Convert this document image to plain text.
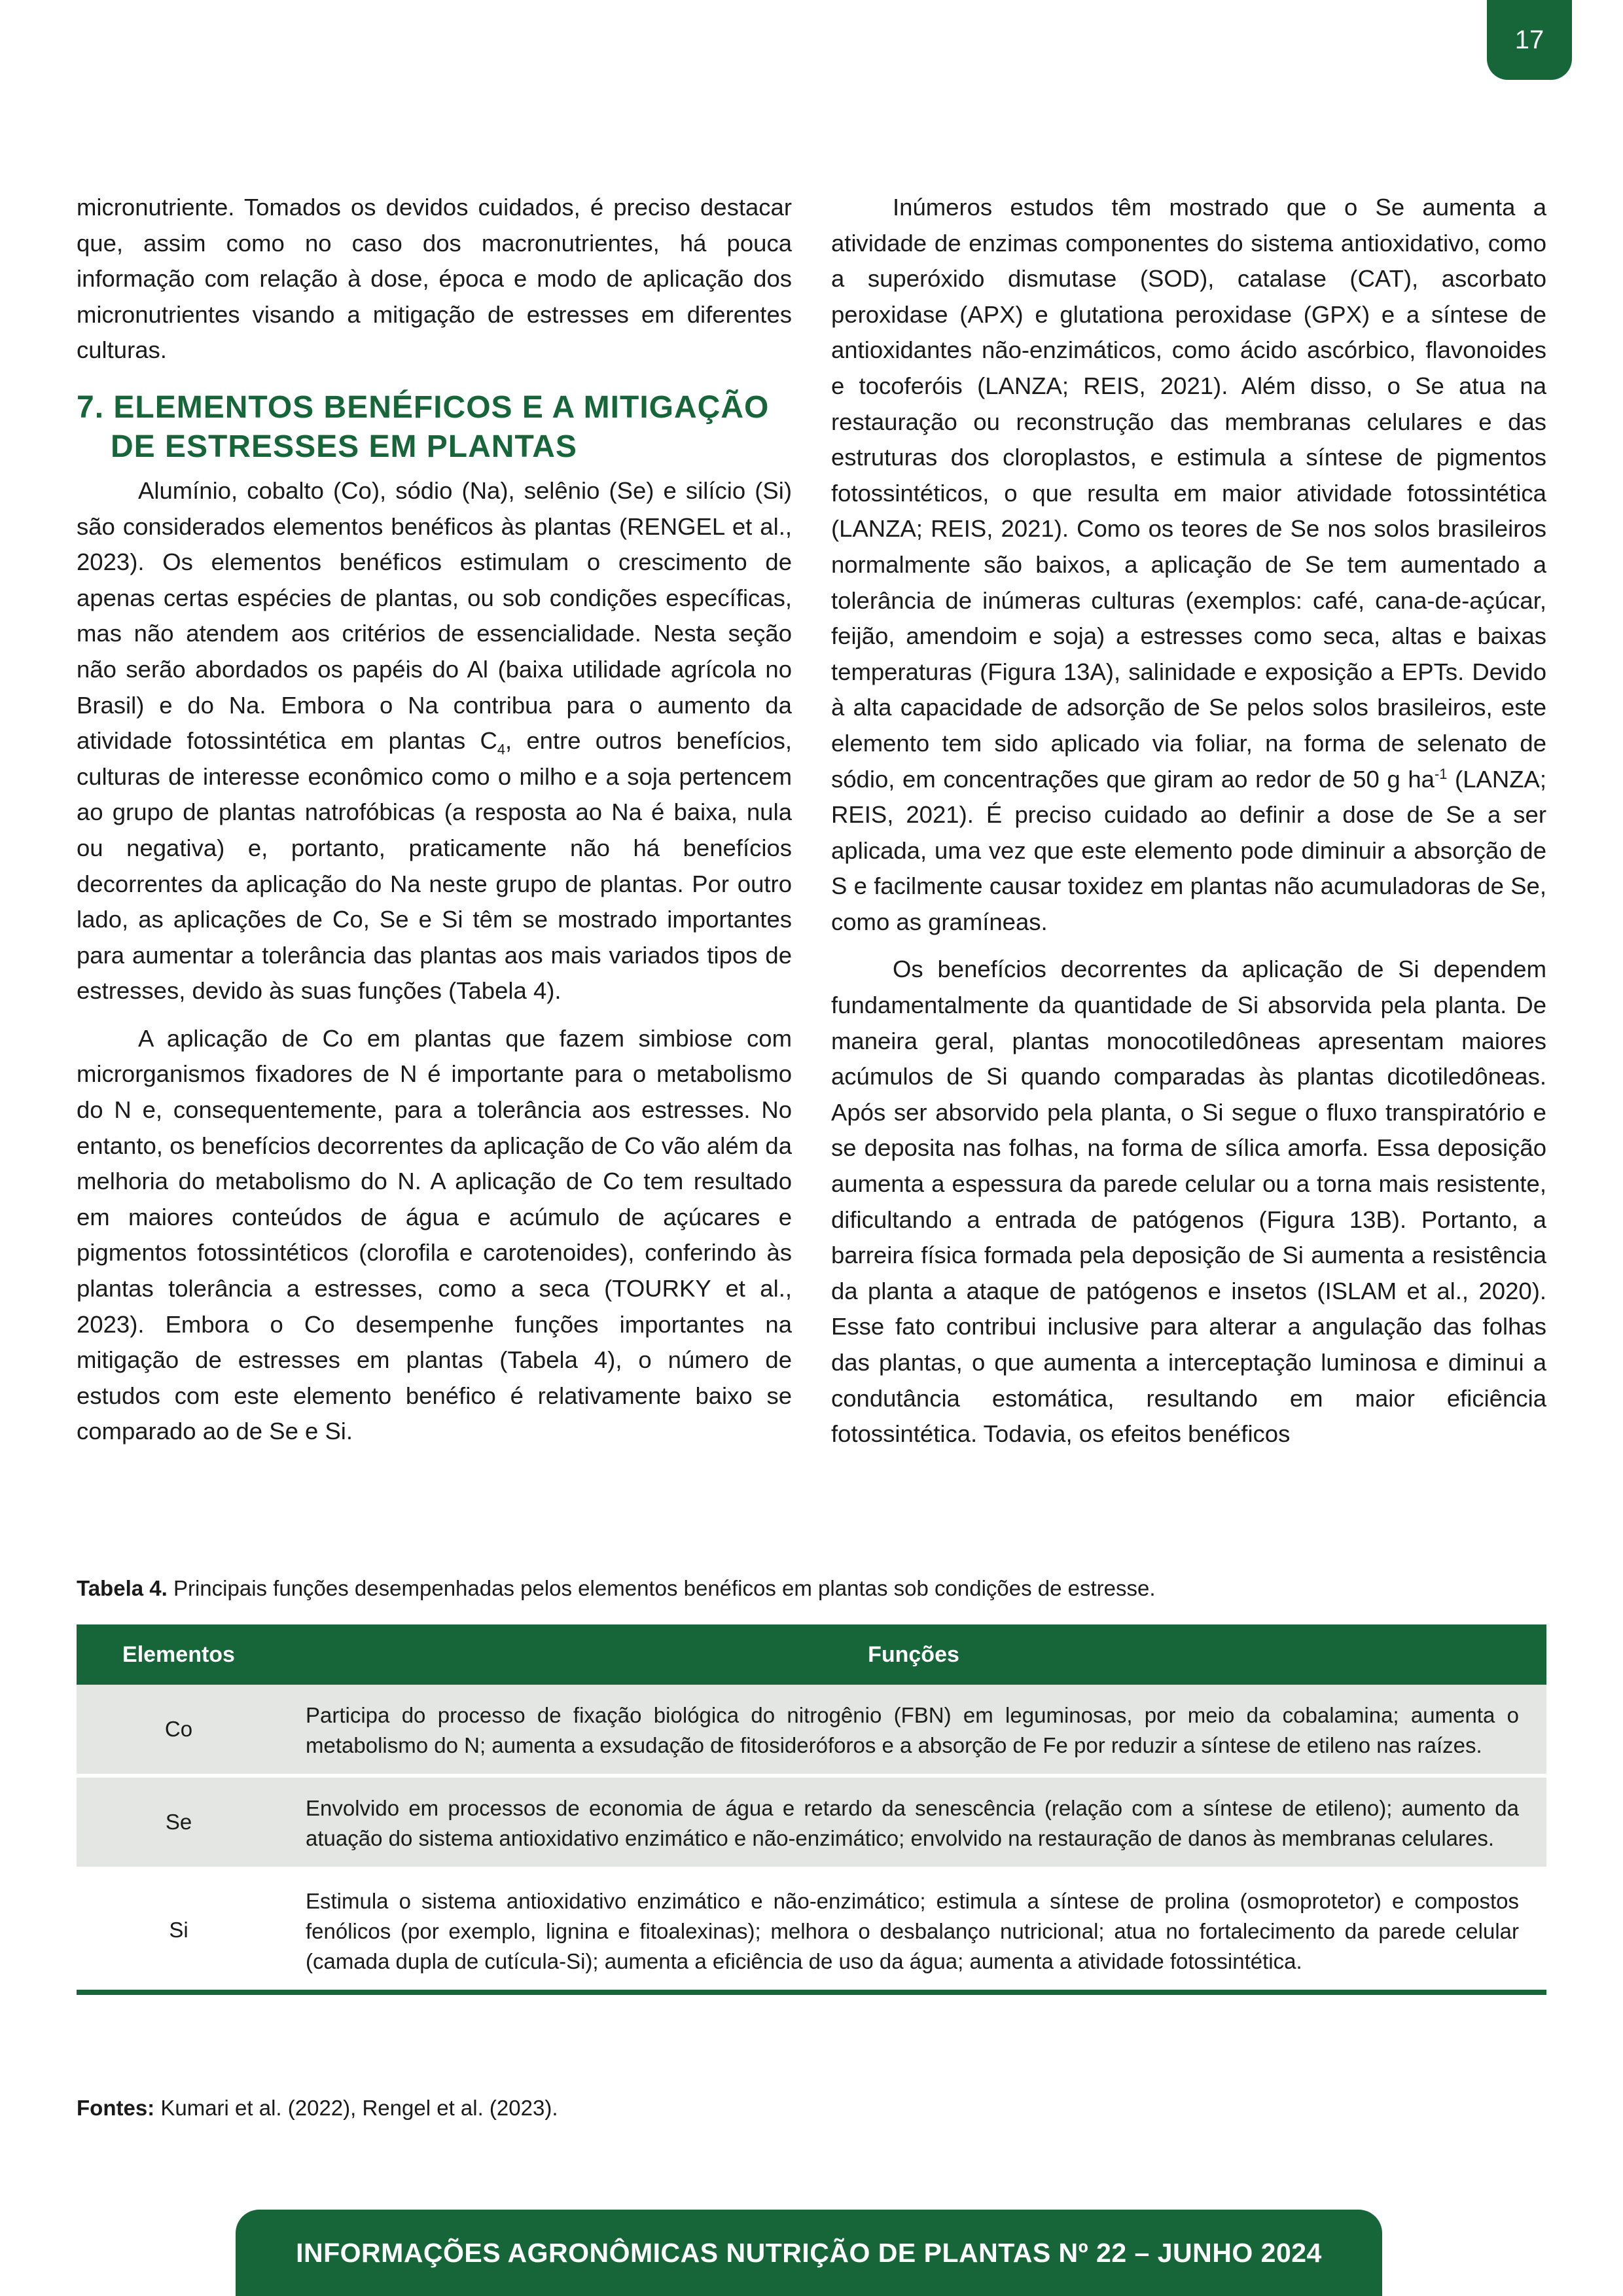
17

micronutriente. Tomados os devidos cuidados, é preciso destacar que, assim como no caso dos macronutrientes, há pouca informação com relação à dose, época e modo de aplicação dos micronutrientes visando a mitigação de estresses em diferentes culturas.

7. ELEMENTOS BENÉFICOS E A MITIGAÇÃO DE ESTRESSES EM PLANTAS

Alumínio, cobalto (Co), sódio (Na), selênio (Se) e silício (Si) são considerados elementos benéficos às plantas (RENGEL et al., 2023). Os elementos benéficos estimulam o crescimento de apenas certas espécies de plantas, ou sob condições específicas, mas não atendem aos critérios de essencialidade. Nesta seção não serão abordados os papéis do Al (baixa utilidade agrícola no Brasil) e do Na. Embora o Na contribua para o aumento da atividade fotossintética em plantas $C_4$, entre outros benefícios, culturas de interesse econômico como o milho e a soja pertencem ao grupo de plantas natrofóbicas (a resposta ao Na é baixa, nula ou negativa) e, portanto, praticamente não há benefícios decorrentes da aplicação do Na neste grupo de plantas. Por outro lado, as aplicações de Co, Se e Si têm se mostrado importantes para aumentar a tolerância das plantas aos mais variados tipos de estresses, devido às suas funções (Tabela 4).

A aplicação de Co em plantas que fazem simbiose com microrganismos fixadores de N é importante para o metabolismo do N e, consequentemente, para a tolerância aos estresses. No entanto, os benefícios decorrentes da aplicação de Co vão além da melhoria do metabolismo do N. A aplicação de Co tem resultado em maiores conteúdos de água e acúmulo de açúcares e pigmentos fotossintéticos (clorofila e carotenoides), conferindo às plantas tolerância a estresses, como a seca (TOURKY et al., 2023). Embora o Co desempenhe funções importantes na mitigação de estresses em plantas (Tabela 4), o número de estudos com este elemento benéfico é relativamente baixo se comparado ao de Se e Si.

Inúmeros estudos têm mostrado que o Se aumenta a atividade de enzimas componentes do sistema antioxidativo, como a superóxido dismutase (SOD), catalase (CAT), ascorbato peroxidase (APX) e glutationa peroxidase (GPX) e a síntese de antioxidantes não-enzimáticos, como ácido ascórbico, flavonoides e tocoferóis (LANZA; REIS, 2021). Além disso, o Se atua na restauração ou reconstrução das membranas celulares e das estruturas dos cloroplastos, e estimula a síntese de pigmentos fotossintéticos, o que resulta em maior atividade fotossintética (LANZA; REIS, 2021). Como os teores de Se nos solos brasileiros normalmente são baixos, a aplicação de Se tem aumentado a tolerância de inúmeras culturas (exemplos: café, cana-de-açúcar, feijão, amendoim e soja) a estresses como seca, altas e baixas temperaturas (Figura 13A), salinidade e exposição a EPTs. Devido à alta capacidade de adsorção de Se pelos solos brasileiros, este elemento tem sido aplicado via foliar, na forma de selenato de sódio, em concentrações que giram ao redor de 50 g $ha^{-1}$ (LANZA; REIS, 2021). É preciso cuidado ao definir a dose de Se a ser aplicada, uma vez que este elemento pode diminuir a absorção de S e facilmente causar toxidez em plantas não acumuladoras de Se, como as gramíneas.

Os benefícios decorrentes da aplicação de Si dependem fundamentalmente da quantidade de Si absorvida pela planta. De maneira geral, plantas monocotiledôneas apresentam maiores acúmulos de Si quando comparadas às plantas dicotiledôneas. Após ser absorvido pela planta, o Si segue o fluxo transpiratório e se deposita nas folhas, na forma de sílica amorfa. Essa deposição aumenta a espessura da parede celular ou a torna mais resistente, dificultando a entrada de patógenos (Figura 13B). Portanto, a barreira física formada pela deposição de Si aumenta a resistência da planta a ataque de patógenos e insetos (ISLAM et al., 2020). Esse fato contribui inclusive para alterar a angulação das folhas das plantas, o que aumenta a interceptação luminosa e diminui a condutância estomática, resultando em maior eficiência fotossintética. Todavia, os efeitos benéficos

Tabela 4. Principais funções desempenhadas pelos elementos benéficos em plantas sob condições de estresse.
Elementos	Funções
Co	Participa do processo de fixação biológica do nitrogênio (FBN) em leguminosas, por meio da cobalamina; aumenta o metabolismo do N; aumenta a exsudação de fitosideróforos e a absorção de Fe por reduzir a síntese de etileno nas raízes.
Se	Envolvido em processos de economia de água e retardo da senescência (relação com a síntese de etileno); aumento da atuação do sistema antioxidativo enzimático e não-enzimático; envolvido na restauração de danos às membranas celulares.
Si	Estimula o sistema antioxidativo enzimático e não-enzimático; estimula a síntese de prolina (osmoprotetor) e compostos fenólicos (por exemplo, lignina e fitoalexinas); melhora o desbalanço nutricional; atua no fortalecimento da parede celular (camada dupla de cutícula-Si); aumenta a eficiência de uso da água; aumenta a atividade fotossintética.
Fontes: Kumari et al. (2022), Rengel et al. (2023).
INFORMAÇÕES AGRONÔMICAS NUTRIÇÃO DE PLANTAS Nº 22 – JUNHO 2024
